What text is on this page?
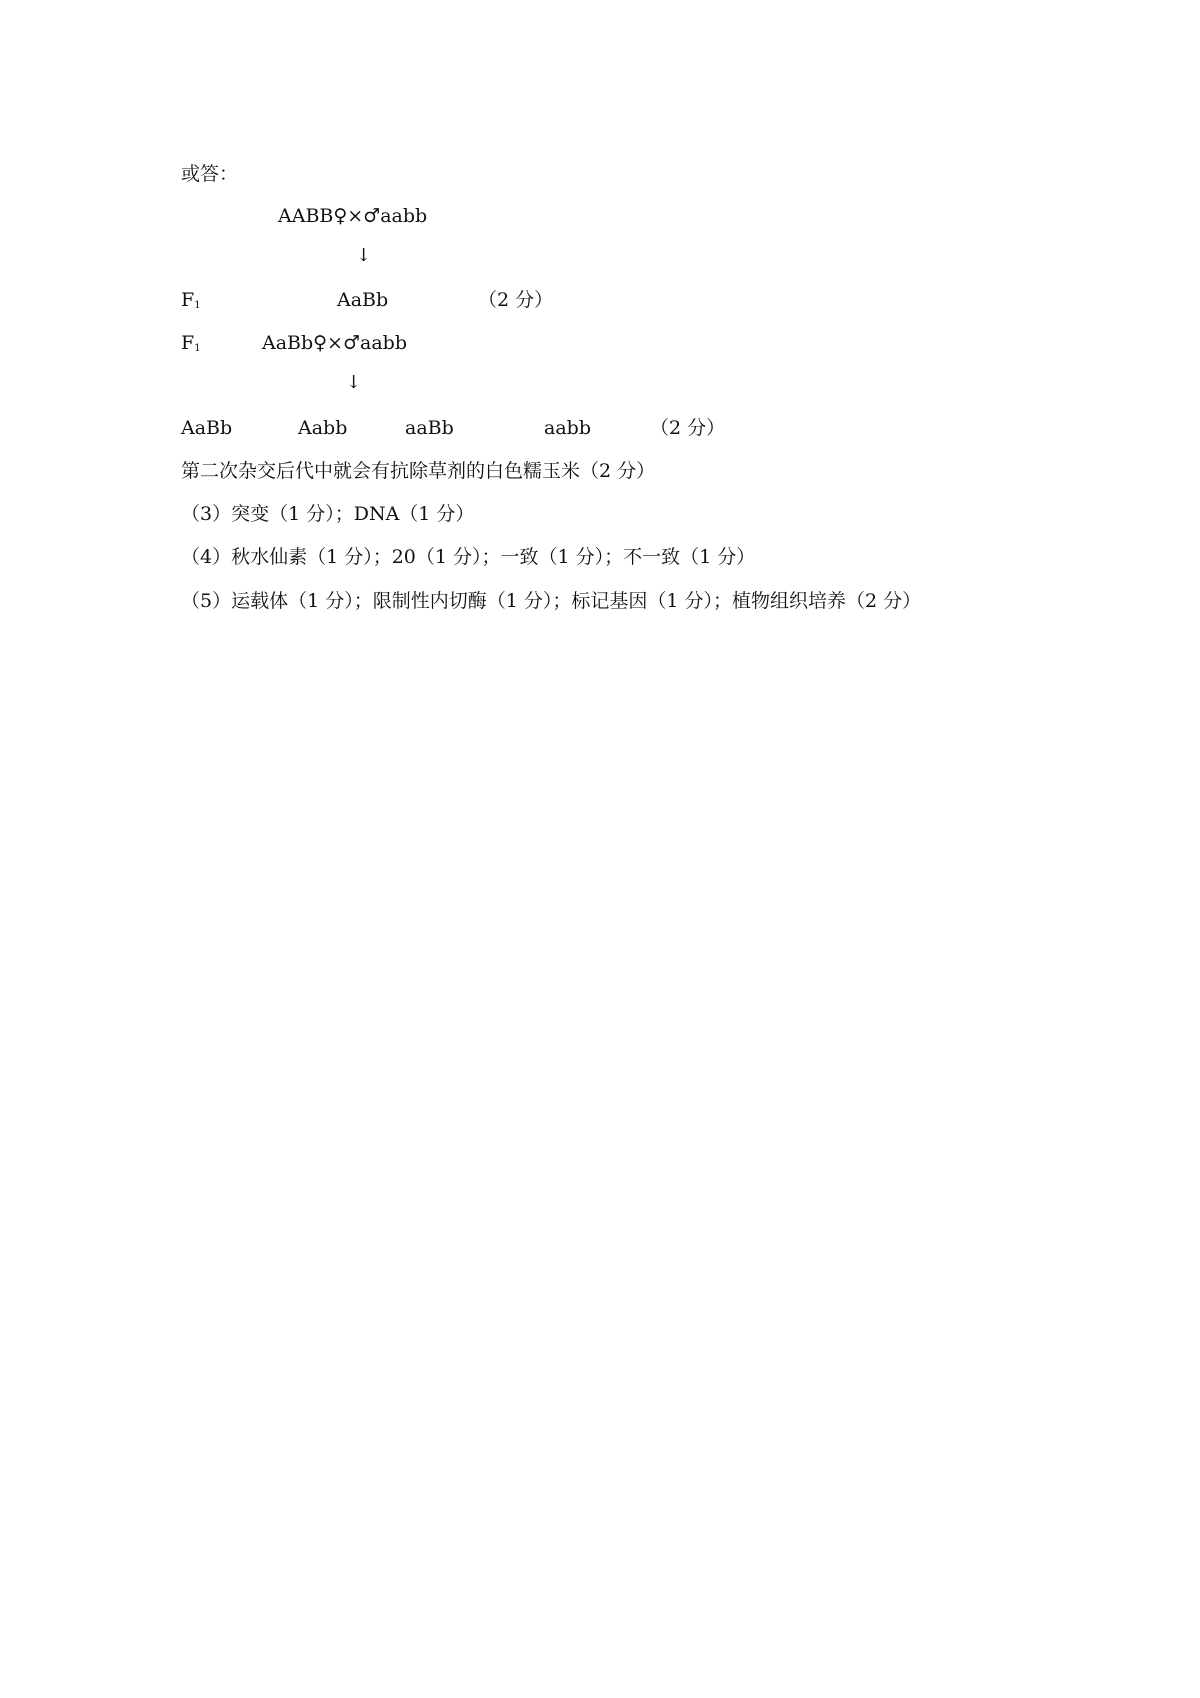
或答：
AABB♀×♂aabb
↓
$F_1$	AaBb	（2 分）
$F_1$	AaBb♀×♂aabb
↓
AaBb	Aabb	aaBb	aabb	（2 分）
第二次杂交后代中就会有抗除草剂的白色糯玉米（2 分）
（3）突变（1 分）；DNA（1 分）
（4）秋水仙素（1 分）；20（1 分）；一致（1 分）；不一致（1 分）
（5）运载体（1 分）；限制性内切酶（1 分）；标记基因（1 分）；植物组织培养（2 分）
